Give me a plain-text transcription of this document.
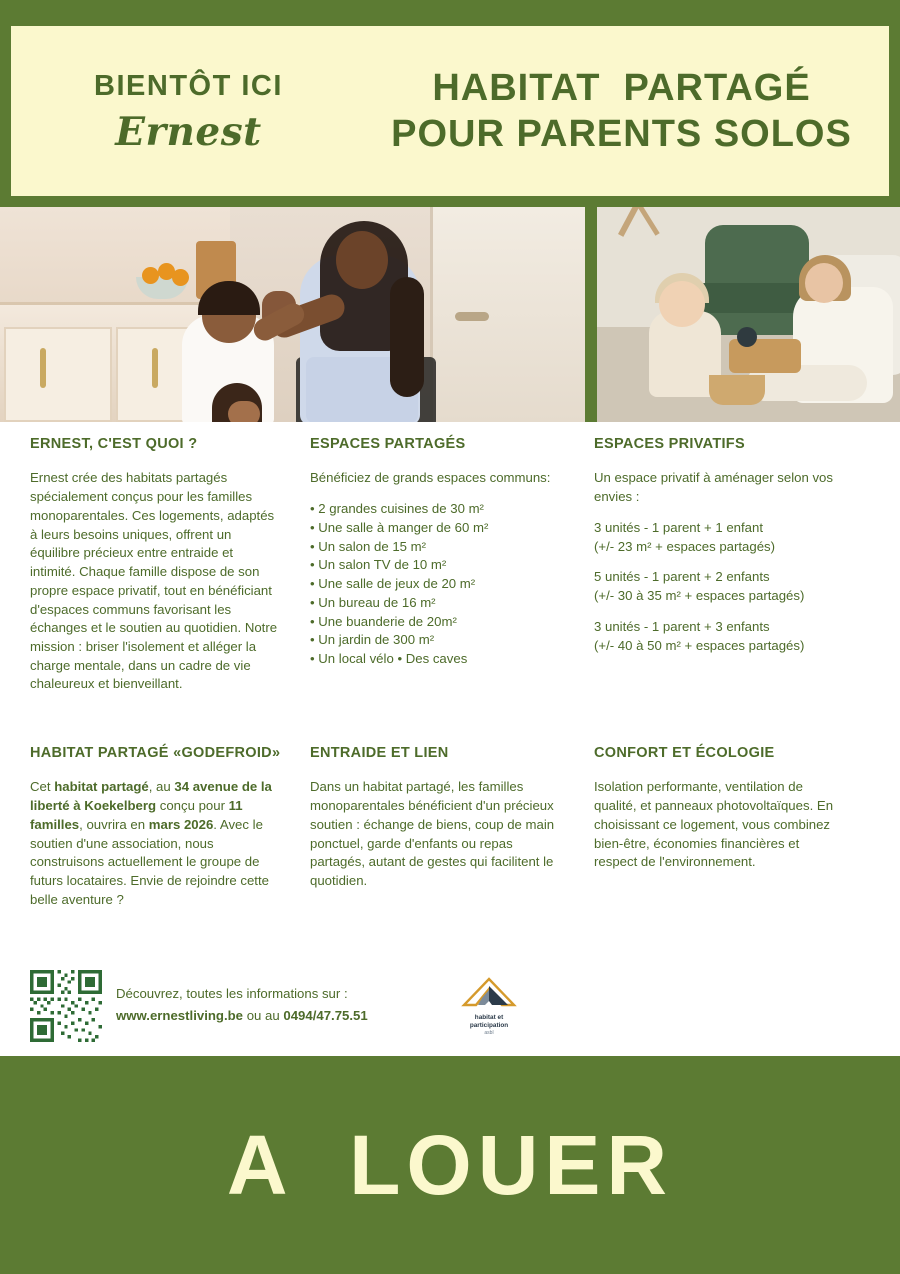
BIENTÔT ICI
Ernest
HABITAT  PARTAGÉ
POUR PARENTS SOLOS
ERNEST, C'EST QUOI ?
Ernest crée des habitats partagés spécialement conçus pour les familles monoparentales. Ces logements, adaptés à leurs besoins uniques, offrent un équilibre précieux entre entraide et intimité. Chaque famille dispose de son propre espace privatif, tout en bénéficiant d'espaces communs favorisant les échanges et le soutien au quotidien. Notre mission : briser l'isolement et alléger la charge mentale, dans un cadre de vie chaleureux et bienveillant.
ESPACES PARTAGÉS
Bénéficiez de grands espaces communs:
• 2 grandes cuisines de 30 m²
• Une salle à manger de 60 m²
• Un salon de 15 m²
• Un salon TV de 10 m²
• Une salle de jeux de 20 m²
• Un bureau de 16 m²
• Une buanderie de 20m²
• Un jardin de 300 m²
• Un local vélo • Des caves
ESPACES PRIVATIFS
Un espace privatif à aménager selon vos envies :
3 unités - 1 parent + 1 enfant
(+/- 23 m² + espaces partagés)
5 unités - 1 parent + 2 enfants
(+/- 30 à 35 m² + espaces partagés)
3 unités - 1 parent + 3 enfants
(+/- 40 à 50 m² + espaces partagés)
HABITAT PARTAGÉ «GODEFROID»
Cet habitat partagé, au 34 avenue de la liberté à Koekelberg conçu pour 11 familles, ouvrira en mars 2026. Avec le soutien d'une association, nous construisons actuellement le groupe de futurs locataires. Envie de rejoindre cette belle aventure ?
ENTRAIDE ET LIEN
Dans un habitat partagé, les familles monoparentales bénéficient d'un précieux soutien : échange de biens, coup de main ponctuel, garde d'enfants ou repas partagés, autant de gestes qui facilitent le quotidien.
CONFORT ET ÉCOLOGIE
Isolation performante, ventilation de qualité, et panneaux photovoltaïques. En choisissant ce logement, vous combinez bien-être, économies financières et respect de l'environnement.
Découvrez, toutes les informations sur :
www.ernestliving.be ou au 0494/47.75.51	habitat et
participation
asbl
A  LOUER
